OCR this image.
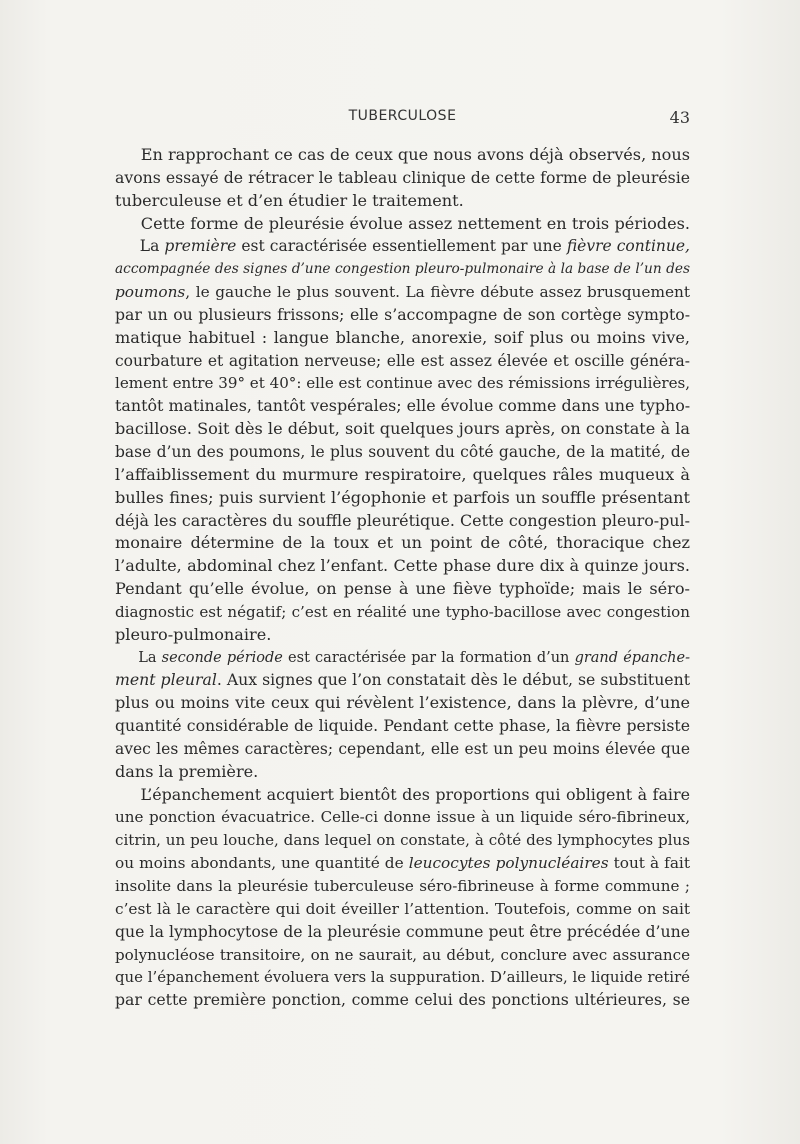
TUBERCULOSE	43
En rapprochant ce cas de ceux que nous avons déjà observés, nous
avons essayé de rétracer le tableau clinique de cette forme de pleurésie
tuberculeuse et d’en étudier le traitement.
Cette forme de pleurésie évolue assez nettement en trois périodes.
La première est caractérisée essentiellement par une fièvre continue,
accompagnée des signes d’une congestion pleuro-pulmonaire à la base de l’un des
poumons, le gauche le plus souvent. La fièvre débute assez brusquement
par un ou plusieurs frissons; elle s’accompagne de son cortège sympto-
matique habituel : langue blanche, anorexie, soif plus ou moins vive,
courbature et agitation nerveuse; elle est assez élevée et oscille généra-
lement entre 39° et 40°: elle est continue avec des rémissions irrégulières,
tantôt matinales, tantôt vespérales; elle évolue comme dans une typho-
bacillose. Soit dès le début, soit quelques jours après, on constate à la
base d’un des poumons, le plus souvent du côté gauche, de la matité, de
l’affaiblissement du murmure respiratoire, quelques râles muqueux à
bulles fines; puis survient l’égophonie et parfois un souffle présentant
déjà les caractères du souffle pleurétique. Cette congestion pleuro-pul-
monaire détermine de la toux et un point de côté, thoracique chez
l’adulte, abdominal chez l’enfant. Cette phase dure dix à quinze jours.
Pendant qu’elle évolue, on pense à une fiève typhoïde; mais le séro-
diagnostic est négatif; c’est en réalité une typho-bacillose avec congestion
pleuro-pulmonaire.
La seconde période est caractérisée par la formation d’un grand épanche-
ment pleural. Aux signes que l’on constatait dès le début, se substituent
plus ou moins vite ceux qui révèlent l’existence, dans la plèvre, d’une
quantité considérable de liquide. Pendant cette phase, la fièvre persiste
avec les mêmes caractères; cependant, elle est un peu moins élevée que
dans la première.
L’épanchement acquiert bientôt des proportions qui obligent à faire
une ponction évacuatrice. Celle-ci donne issue à un liquide séro-fibrineux,
citrin, un peu louche, dans lequel on constate, à côté des lymphocytes plus
ou moins abondants, une quantité de leucocytes polynucléaires tout à fait
insolite dans la pleurésie tuberculeuse séro-fibrineuse à forme commune ;
c’est là le caractère qui doit éveiller l’attention. Toutefois, comme on sait
que la lymphocytose de la pleurésie commune peut être précédée d’une
polynucléose transitoire, on ne saurait, au début, conclure avec assurance
que l’épanchement évoluera vers la suppuration. D’ailleurs, le liquide retiré
par cette première ponction, comme celui des ponctions ultérieures, se
